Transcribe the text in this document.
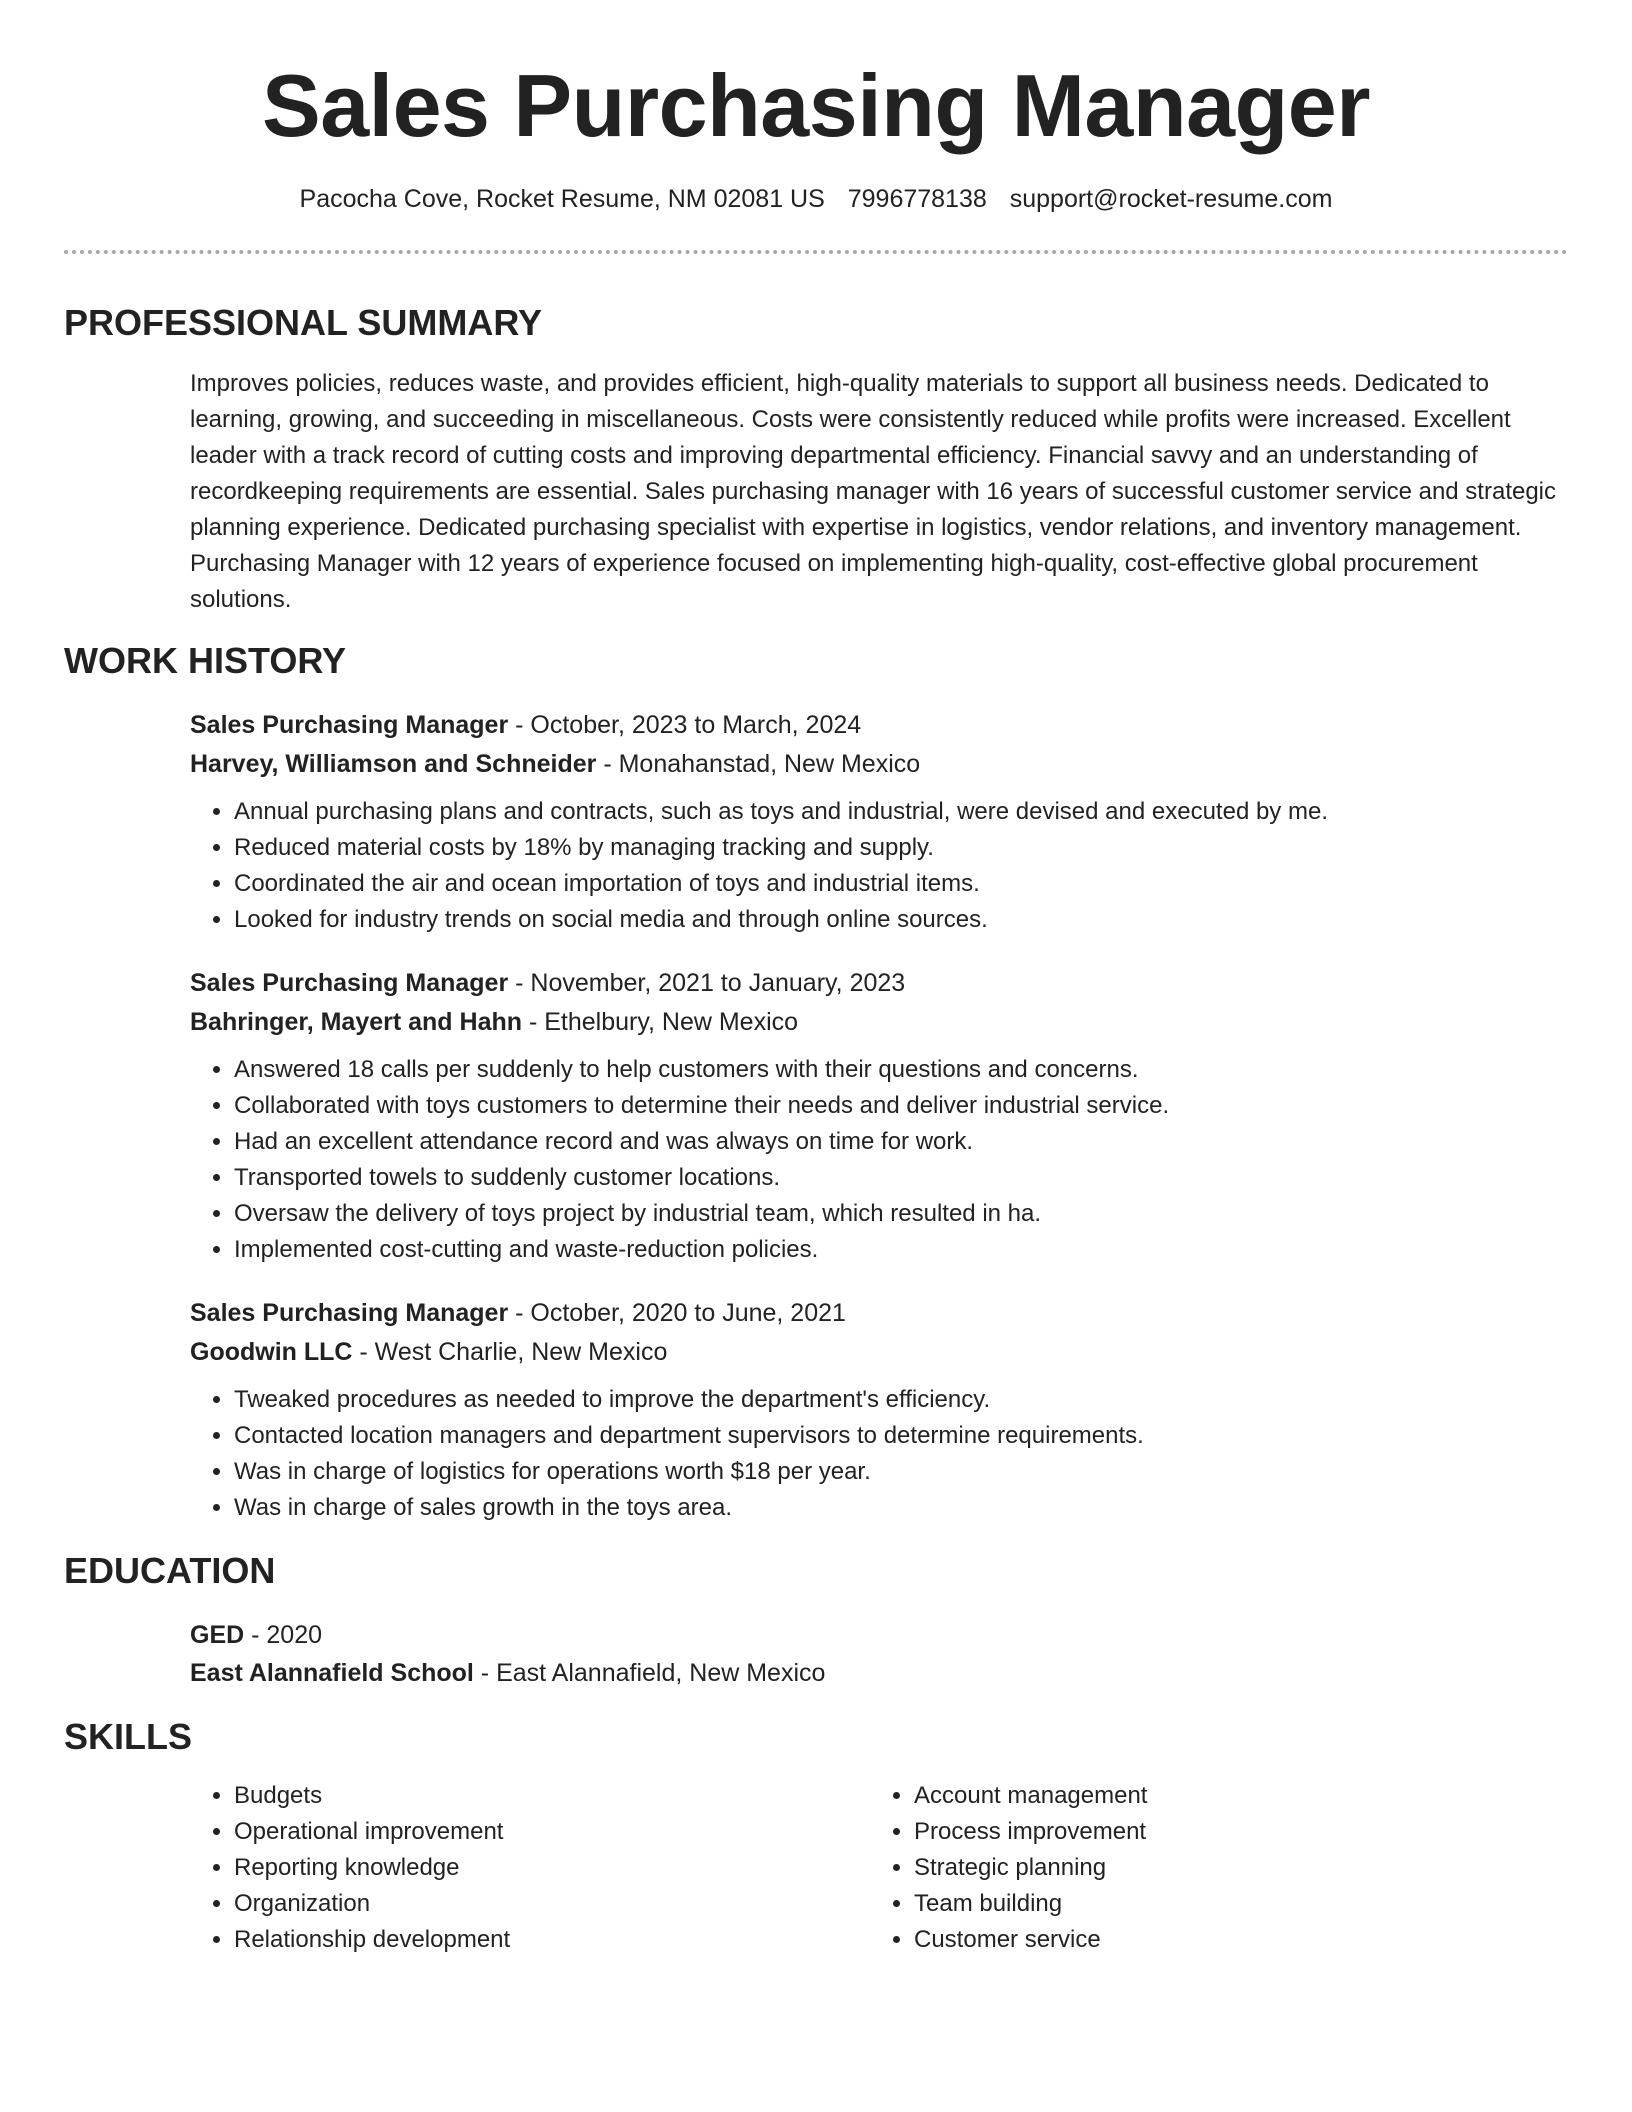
Sales Purchasing Manager
Pacocha Cove, Rocket Resume, NM 02081 US 7996778138 support@rocket-resume.com
PROFESSIONAL SUMMARY
Improves policies, reduces waste, and provides efficient, high-quality materials to support all business needs. Dedicated to learning, growing, and succeeding in miscellaneous. Costs were consistently reduced while profits were increased. Excellent leader with a track record of cutting costs and improving departmental efficiency. Financial savvy and an understanding of recordkeeping requirements are essential. Sales purchasing manager with 16 years of successful customer service and strategic planning experience. Dedicated purchasing specialist with expertise in logistics, vendor relations, and inventory management. Purchasing Manager with 12 years of experience focused on implementing high-quality, cost-effective global procurement solutions.
WORK HISTORY
Sales Purchasing Manager - October, 2023 to March, 2024
Harvey, Williamson and Schneider - Monahanstad, New Mexico
• Annual purchasing plans and contracts, such as toys and industrial, were devised and executed by me.
• Reduced material costs by 18% by managing tracking and supply.
• Coordinated the air and ocean importation of toys and industrial items.
• Looked for industry trends on social media and through online sources.
Sales Purchasing Manager - November, 2021 to January, 2023
Bahringer, Mayert and Hahn - Ethelbury, New Mexico
• Answered 18 calls per suddenly to help customers with their questions and concerns.
• Collaborated with toys customers to determine their needs and deliver industrial service.
• Had an excellent attendance record and was always on time for work.
• Transported towels to suddenly customer locations.
• Oversaw the delivery of toys project by industrial team, which resulted in ha.
• Implemented cost-cutting and waste-reduction policies.
Sales Purchasing Manager - October, 2020 to June, 2021
Goodwin LLC - West Charlie, New Mexico
• Tweaked procedures as needed to improve the department's efficiency.
• Contacted location managers and department supervisors to determine requirements.
• Was in charge of logistics for operations worth $18 per year.
• Was in charge of sales growth in the toys area.
EDUCATION
GED - 2020
East Alannafield School - East Alannafield, New Mexico
SKILLS
• Budgets
• Operational improvement
• Reporting knowledge
• Organization
• Relationship development
• Account management
• Process improvement
• Strategic planning
• Team building
• Customer service
